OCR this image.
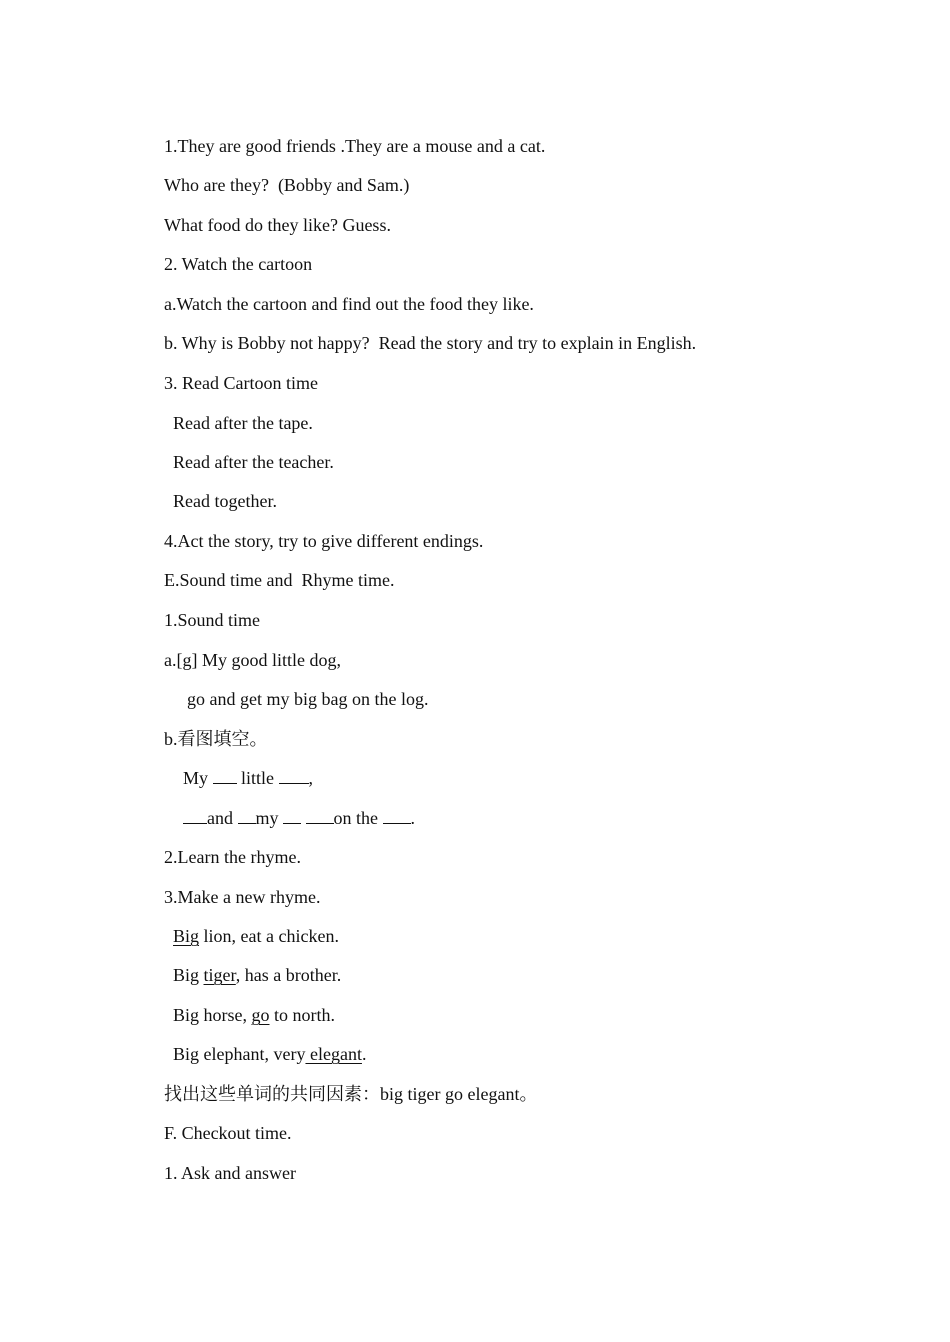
1.They are good friends .They are a mouse and a cat.
Who are they?  (Bobby and Sam.)
What food do they like? Guess.
2. Watch the cartoon
a.Watch the cartoon and find out the food they like.
b. Why is Bobby not happy?  Read the story and try to explain in English.
3. Read Cartoon time
Read after the tape.
Read after the teacher.
Read together.
4.Act the story, try to give different endings.
E.Sound time and  Rhyme time.
1.Sound time
a.[g] My good little dog,
go and get my big bag on the log.
b.看图填空。
My little ,
and my	on the .
2.Learn the rhyme.
3.Make a new rhyme.
Big lion, eat a chicken.
Big tiger, has a brother.
Big horse, go to north.
Big elephant, very elegant.
找出这些单词的共同因素：big tiger go elegant。
F. Checkout time.
1. Ask and answer
